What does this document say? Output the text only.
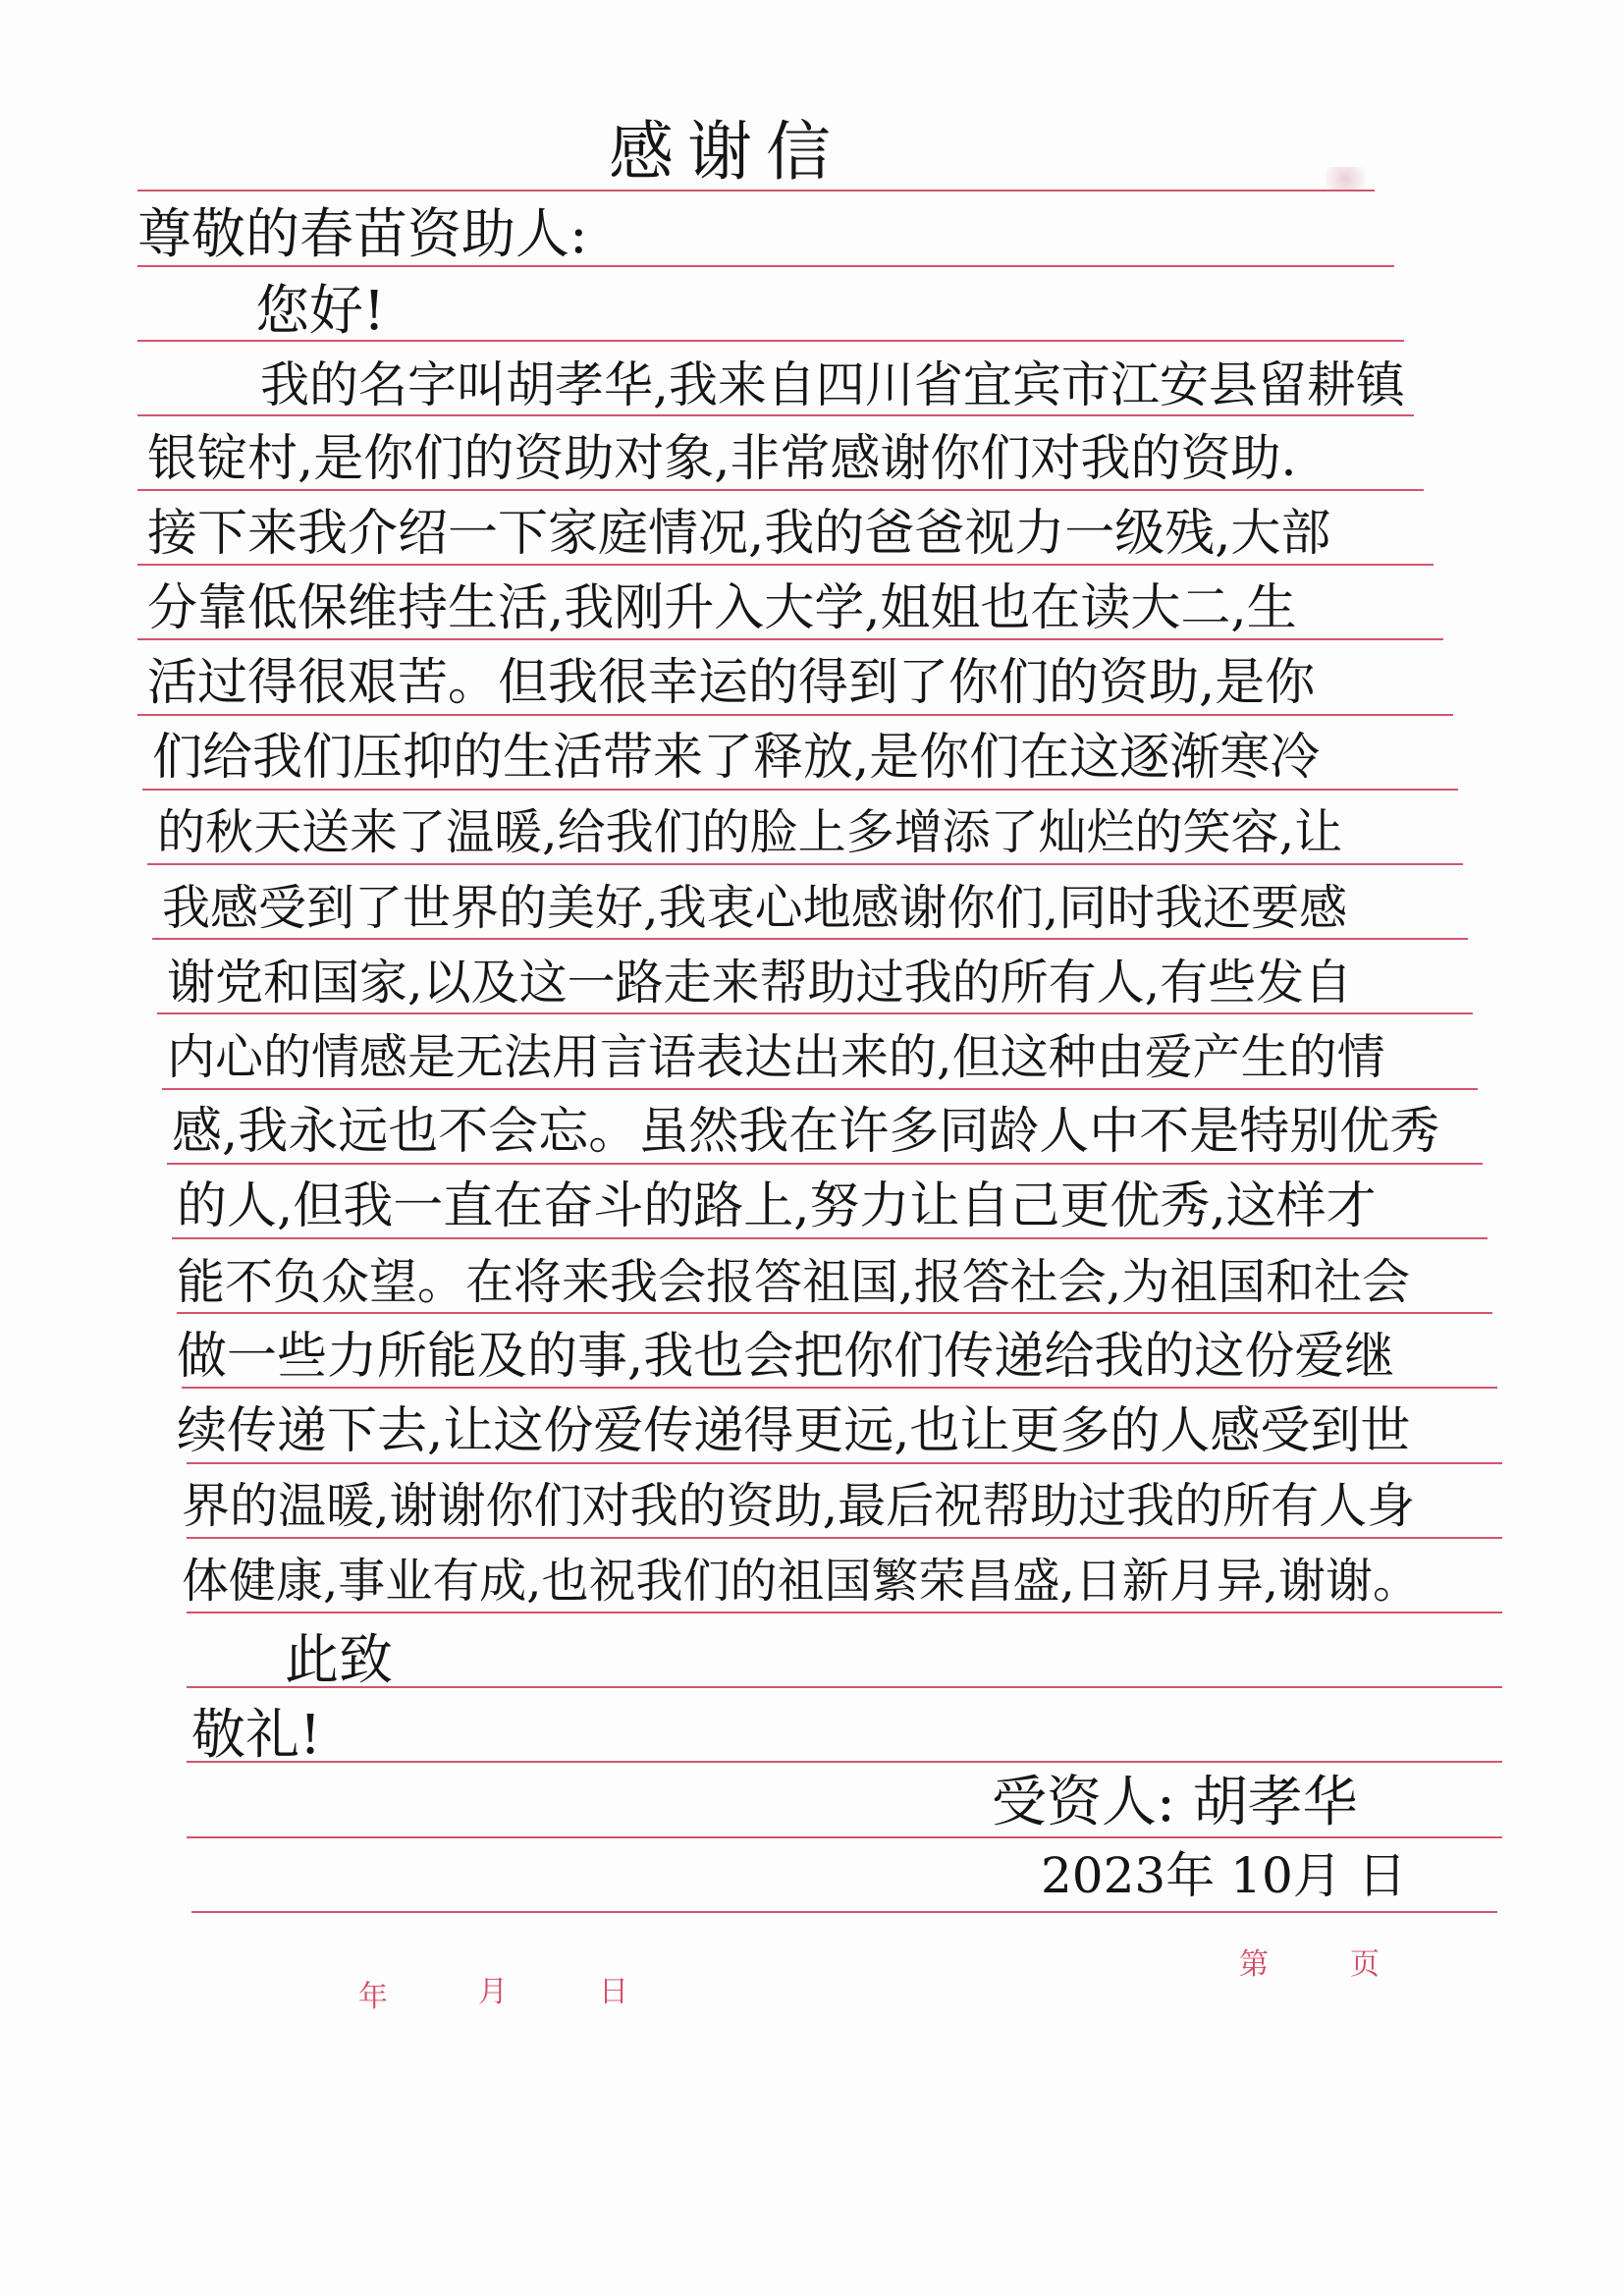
感谢信
尊敬的春苗资助人:
您好!
我的名字叫胡孝华,我来自四川省宜宾市江安县留耕镇
银锭村,是你们的资助对象,非常感谢你们对我的资助.
接下来我介绍一下家庭情况,我的爸爸视力一级残,大部
分靠低保维持生活,我刚升入大学,姐姐也在读大二,生
活过得很艰苦。但我很幸运的得到了你们的资助,是你
们给我们压抑的生活带来了释放,是你们在这逐渐寒冷
的秋天送来了温暖,给我们的脸上多增添了灿烂的笑容,让
我感受到了世界的美好,我衷心地感谢你们,同时我还要感
谢党和国家,以及这一路走来帮助过我的所有人,有些发自
内心的情感是无法用言语表达出来的,但这种由爱产生的情
感,我永远也不会忘。虽然我在许多同龄人中不是特别优秀
的人,但我一直在奋斗的路上,努力让自己更优秀,这样才
能不负众望。在将来我会报答祖国,报答社会,为祖国和社会
做一些力所能及的事,我也会把你们传递给我的这份爱继
续传递下去,让这份爱传递得更远,也让更多的人感受到世
界的温暖,谢谢你们对我的资助,最后祝帮助过我的所有人身
体健康,事业有成,也祝我们的祖国繁荣昌盛,日新月异,谢谢。
此致
敬礼!
受资人: 胡孝华
2023年 10月 日
年	月	日
第	页
